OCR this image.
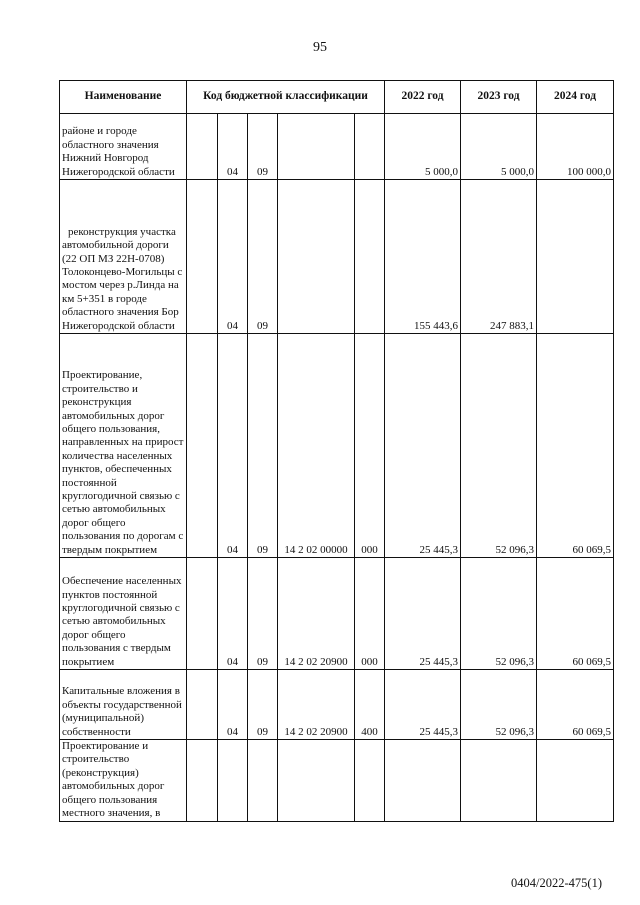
95
Наименование	Код бюджетной классификации					2022 год	2023 год	2024 год
районе и городе областного значения Нижний Новгород Нижегородской области		04	09			5 000,0	5 000,0	100 000,0
реконструкция участка автомобильной дороги (22 ОП МЗ 22Н-0708) Толоконцево-Могильцы с мостом через р.Линда на км 5+351 в городе областного значения Бор Нижегородской области		04	09			155 443,6	247 883,1	
Проектирование, строительство и реконструкция автомобильных дорог общего пользования, направленных на прирост количества населенных пунктов, обеспеченных постоянной круглогодичной связью с сетью автомобильных дорог общего пользования по дорогам с твердым покрытием		04	09	14 2 02 00000	000	25 445,3	52 096,3	60 069,5
Обеспечение населенных пунктов постоянной круглогодичной связью с сетью автомобильных дорог общего пользования с твердым покрытием		04	09	14 2 02 20900	000	25 445,3	52 096,3	60 069,5
Капитальные вложения в объекты государственной (муниципальной) собственности		04	09	14 2 02 20900	400	25 445,3	52 096,3	60 069,5
Проектирование и строительство (реконструкция) автомобильных дорог общего пользования местного значения, в								
0404/2022-475(1)
